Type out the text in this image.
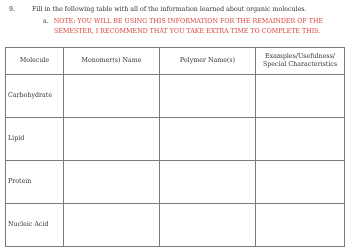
9.	Fill in the following table with all of the information learned about organic molecules.
a. NOTE: YOU WILL BE USING THIS INFORMATION FOR THE REMAINDER OF THE
SEMESTER, I RECOMMEND THAT YOU TAKE EXTRA TIME TO COMPLETE THIS.
Molecule	Monomer(s) Name	Polymer Name(s)	Examples/Usefulness/
Special Characteristics
Carbohydrate			
Lipid			
Protein			
Nucleic Acid			
